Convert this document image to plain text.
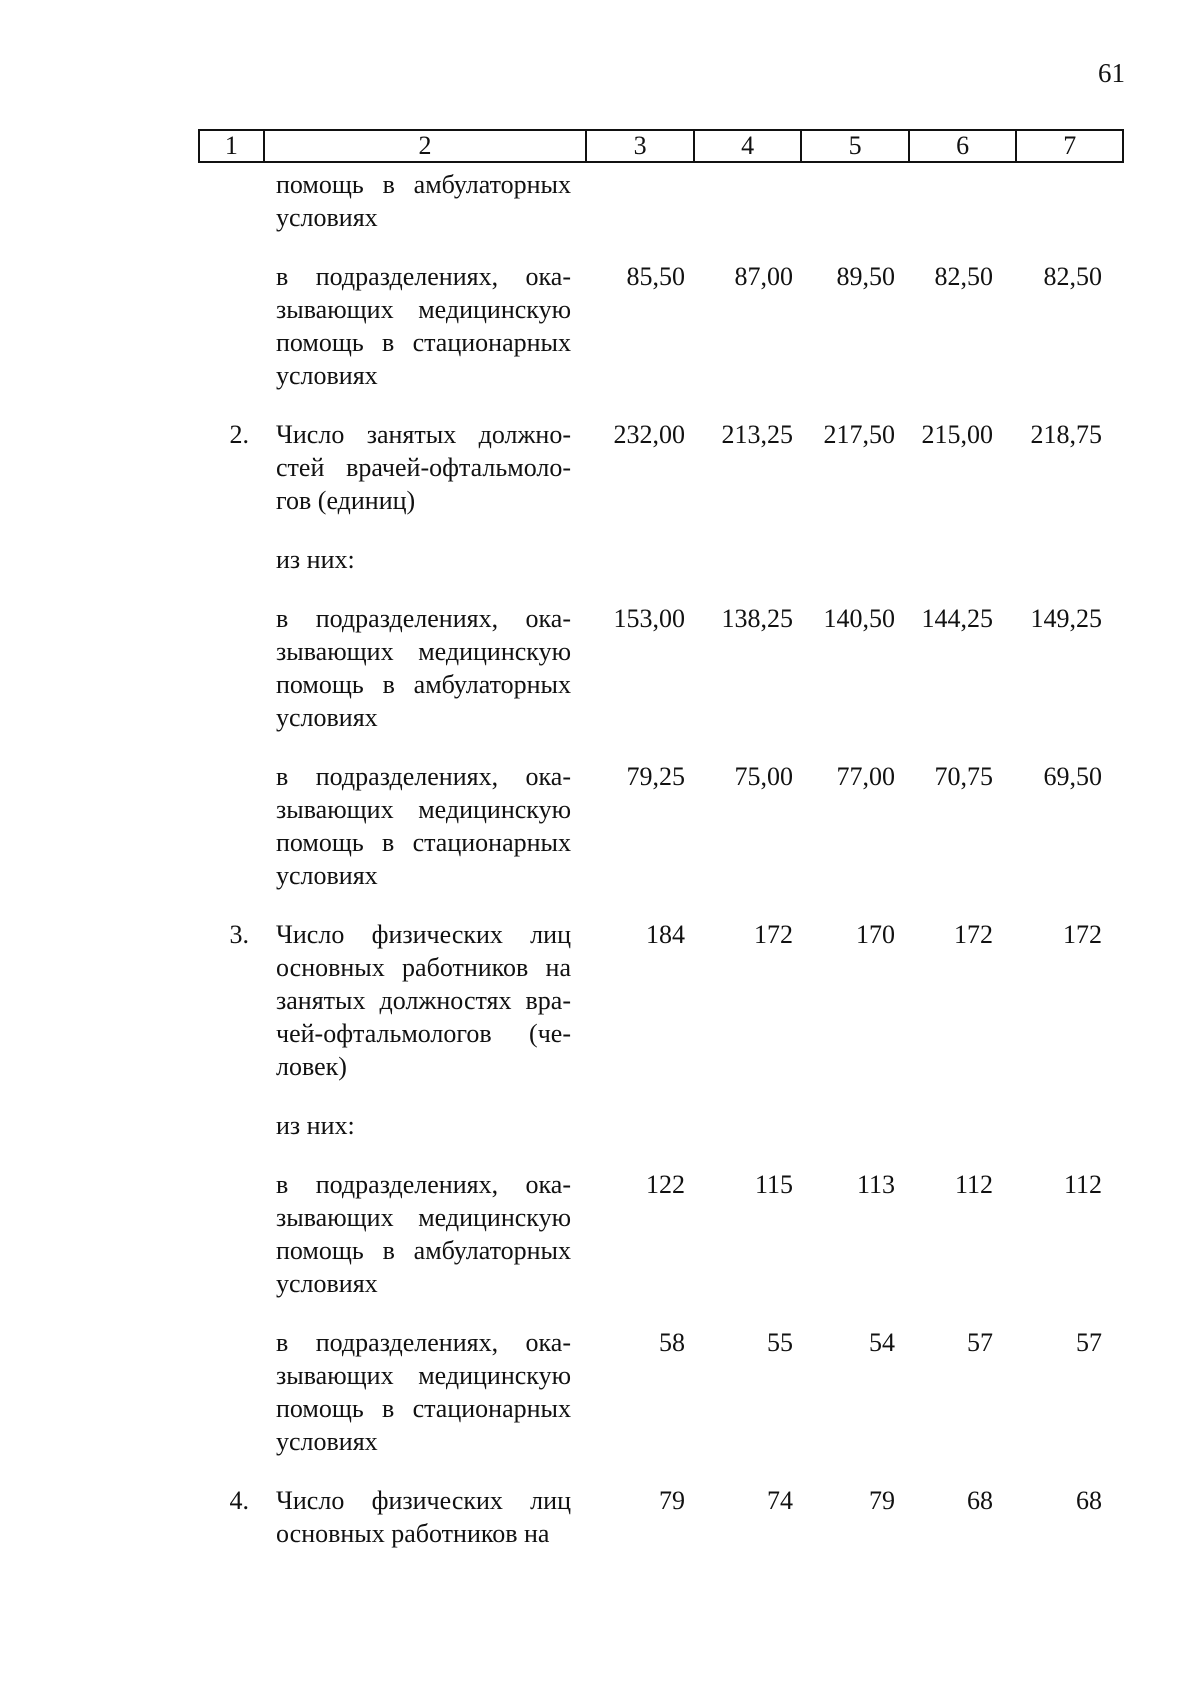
61
1	2	3	4	5	6	7
помощь в амбулаторных
условиях
в подразделениях, ока-
зывающих медицинскую
помощь в стационарных
условиях
85,50	87,00	89,50	82,50	82,50
2.	Число занятых должно-
стей врачей-офтальмоло-
гов (единиц)
232,00	213,25	217,50	215,00	218,75
из них:
в подразделениях, ока-
зывающих медицинскую
помощь в амбулаторных
условиях
153,00	138,25	140,50	144,25	149,25
в подразделениях, ока-
зывающих медицинскую
помощь в стационарных
условиях
79,25	75,00	77,00	70,75	69,50
3.	Число физических лиц
основных работников на
занятых должностях вра-
чей-офтальмологов (че-
ловек)
184	172	170	172	172
из них:
в подразделениях, ока-
зывающих медицинскую
помощь в амбулаторных
условиях
122	115	113	112	112
в подразделениях, ока-
зывающих медицинскую
помощь в стационарных
условиях
58	55	54	57	57
4.	Число физических лиц
основных работников на
79	74	79	68	68
